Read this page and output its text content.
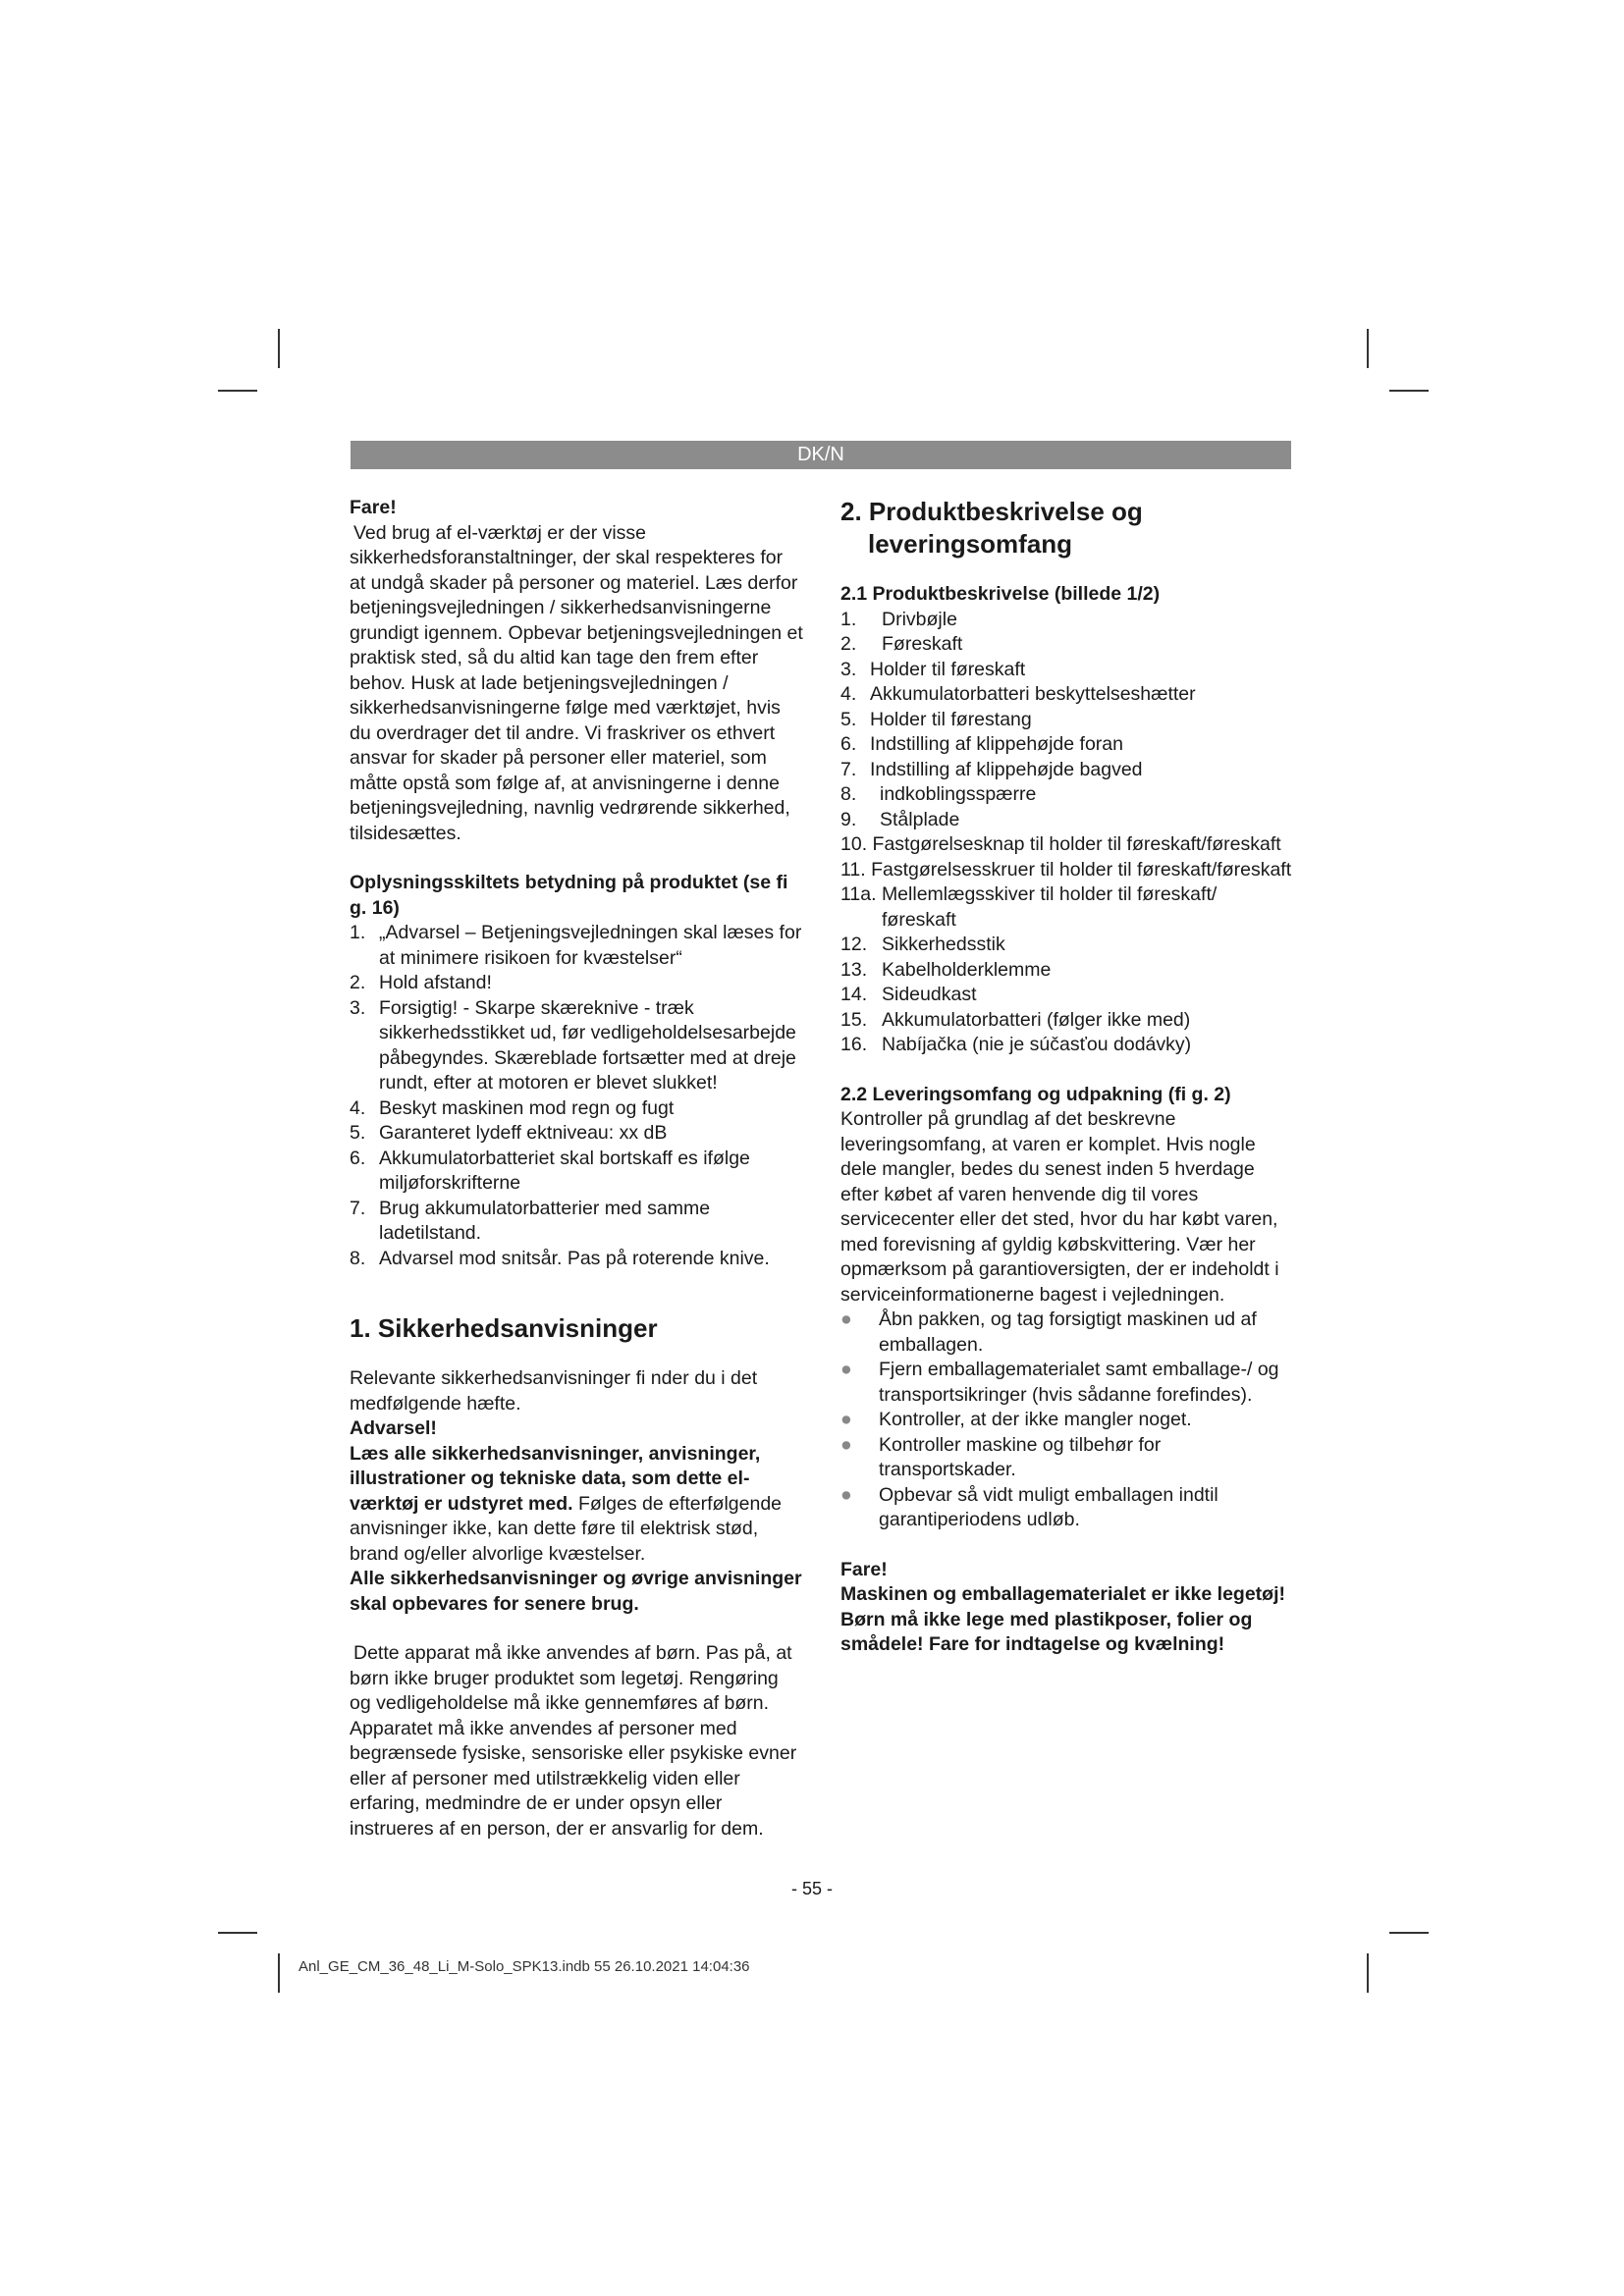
DK/N

Fare!

Ved brug af el-værktøj er der visse sikkerhedsforanstaltninger, der skal respekteres for at undgå skader på personer og materiel. Læs derfor betjeningsvejledningen / sikkerhedsanvisningerne grundigt igennem. Opbevar betjeningsvejledningen et praktisk sted, så du altid kan tage den frem efter behov. Husk at lade betjeningsvejledningen / sikkerhedsanvisningerne følge med værktøjet, hvis du overdrager det til andre. Vi fraskriver os ethvert ansvar for skader på personer eller materiel, som måtte opstå som følge af, at anvisningerne i denne betjeningsvejledning, navnlig vedrørende sikkerhed, tilsidesættes.

Oplysningsskiltets betydning på produktet (se fi g. 16)

1. „Advarsel – Betjeningsvejledningen skal læses for at minimere risikoen for kvæstelser“
2. Hold afstand!
3. Forsigtig! - Skarpe skæreknive - træk sikkerhedsstikket ud, før vedligeholdelsesarbejde påbegyndes. Skæreblade fortsætter med at dreje rundt, efter at motoren er blevet slukket!
4. Beskyt maskinen mod regn og fugt
5. Garanteret lydeff ektniveau: xx dB
6. Akkumulatorbatteriet skal bortskaff es ifølge miljøforskrifterne
7. Brug akkumulatorbatterier med samme ladetilstand.
8. Advarsel mod snitsår. Pas på roterende knive.

1. Sikkerhedsanvisninger

Relevante sikkerhedsanvisninger fi nder du i det medfølgende hæfte.

Advarsel!

Læs alle sikkerhedsanvisninger, anvisninger, illustrationer og tekniske data, som dette el-værktøj er udstyret med. Følges de efterfølgende anvisninger ikke, kan dette føre til elektrisk stød, brand og/eller alvorlige kvæstelser.

Alle sikkerhedsanvisninger og øvrige anvisninger skal opbevares for senere brug.

Dette apparat må ikke anvendes af børn. Pas på, at børn ikke bruger produktet som legetøj. Rengøring og vedligeholdelse må ikke gennemføres af børn. Apparatet må ikke anvendes af personer med begrænsede fysiske, sensoriske eller psykiske evner eller af personer med utilstrækkelig viden eller erfaring, medmindre de er under opsyn eller instrueres af en person, der er ansvarlig for dem.

2. Produktbeskrivelse og leveringsomfang

2.1 Produktbeskrivelse (billede 1/2)

1. Drivbøjle
2. Føreskaft
3. Holder til føreskaft
4. Akkumulatorbatteri beskyttelseshætter
5. Holder til førestang
6. Indstilling af klippehøjde foran
7. Indstilling af klippehøjde bagved
8. indkoblingsspærre
9. Stålplade
10. Fastgørelsesknap til holder til føreskaft/føreskaft
11. Fastgørelsesskruer til holder til føreskaft/føreskaft
11a. Mellemlægsskiver til holder til føreskaft/ føreskaft
12. Sikkerhedsstik
13. Kabelholderklemme
14. Sideudkast
15. Akkumulatorbatteri (følger ikke med)
16. Nabíjačka (nie je súčasťou dodávky)

2.2 Leveringsomfang og udpakning (fi g. 2)

Kontroller på grundlag af det beskrevne leveringsomfang, at varen er komplet. Hvis nogle dele mangler, bedes du senest inden 5 hverdage efter købet af varen henvende dig til vores servicecenter eller det sted, hvor du har købt varen, med forevisning af gyldig købskvittering. Vær her opmærksom på garantioversigten, der er indeholdt i serviceinformationerne bagest i vejledningen.

● Åbn pakken, og tag forsigtigt maskinen ud af emballagen.
● Fjern emballagematerialet samt emballage-/ og transportsikringer (hvis sådanne forefindes).
● Kontroller, at der ikke mangler noget.
● Kontroller maskine og tilbehør for transportskader.
● Opbevar så vidt muligt emballagen indtil garantiperiodens udløb.

Fare!

Maskinen og emballagematerialet er ikke legetøj! Børn må ikke lege med plastikposer, folier og smådele! Fare for indtagelse og kvælning!

- 55 -
Anl_GE_CM_36_48_Li_M-Solo_SPK13.indb 55 26.10.2021 14:04:36
